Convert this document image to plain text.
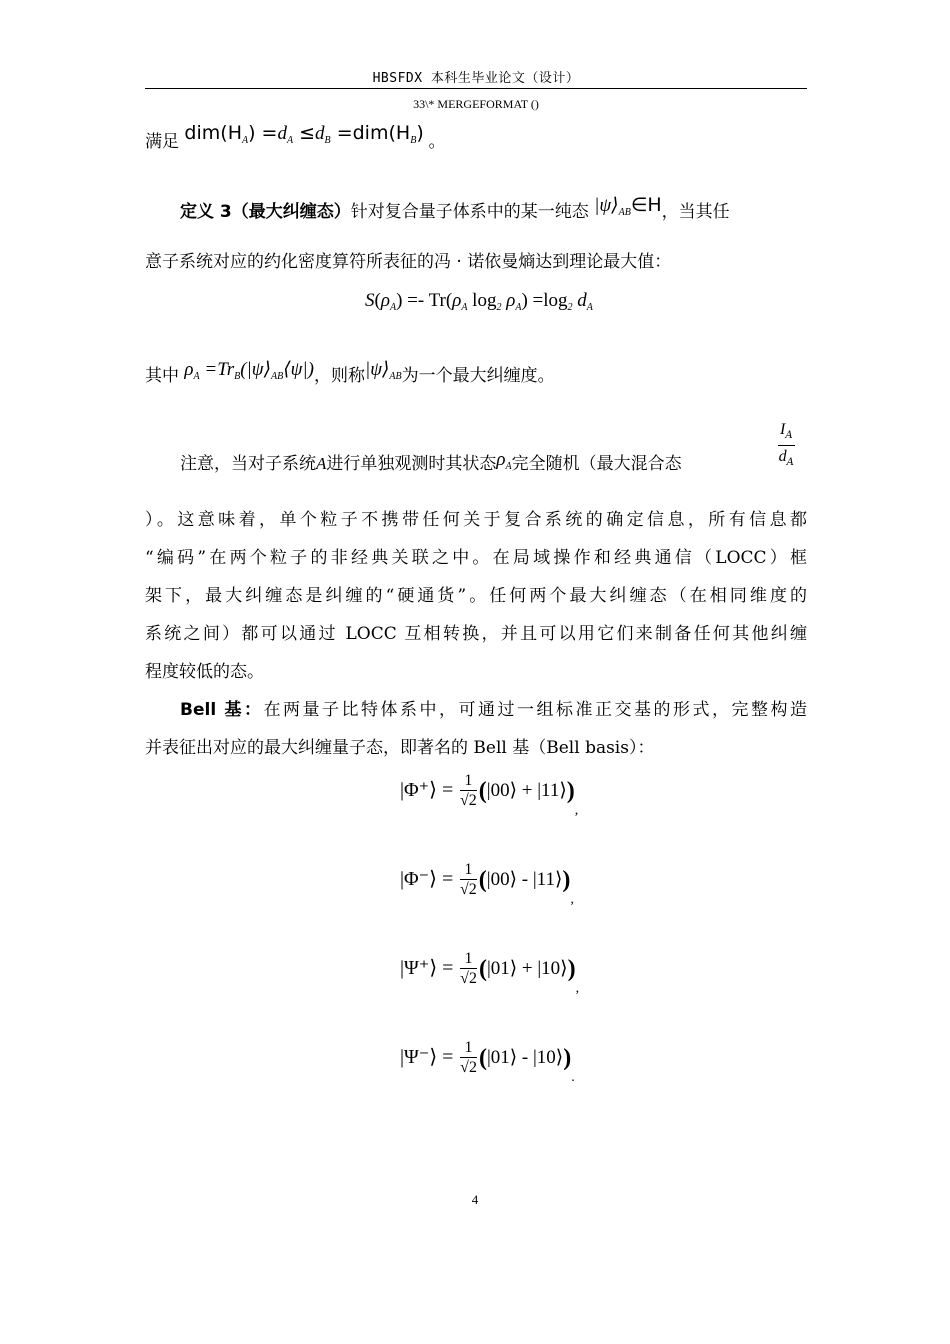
HBSFDX 本科生毕业论文（设计）
33\* MERGEFORMAT ()
满足 $dim(H_A) =d_A \le d_B =dim(H_B)$ 。
定义 3（最大纠缠态）针对复合量子体系中的某一纯态 $|\psi⟩_{AB}\in H$，当其任
意子系统对应的约化密度算符所表征的冯 · 诺依曼熵达到理论最大值：
$S(\rho_A) =- Tr(\rho_A$ $\log_2 \rho_A) =\log_2$ $d_A$
其中 $\rho_A$ $=Tr_B(|\psi⟩_{AB}⟨\psi|)$，则称$|\psi⟩_{AB}$为一个最大纠缠度。
注意，当对子系统A进行单独观测时其状态$\rho_A$完全随机（最大混合态	$\frac{I_A}{d_A}$
）。这意味着，单个粒子不携带任何关于复合系统的确定信息，所有信息都
“编码”在两个粒子的非经典关联之中。在局域操作和经典通信（LOCC）框
架下，最大纠缠态是纠缠的“硬通货”。任何两个最大纠缠态（在相同维度的
系统之间）都可以通过 LOCC 互相转换，并且可以用它们来制备任何其他纠缠
程度较低的态。
Bell 基：在两量子比特体系中，可通过一组标准正交基的形式，完整构造
并表征出对应的最大纠缠量子态，即著名的 Bell 基（Bell basis）：
|Φ⁺⟩ = $\frac{1}{√2}$ (|00⟩ + $|11⟩)_,$
|Φ⁻⟩ = $\frac{1}{√2}$ (|00⟩ - $|11⟩)_,$
|Ψ⁺⟩ = $\frac{1}{√2}$ (|01⟩ + $|10⟩)_,$
|Ψ⁻⟩ = $\frac{1}{√2}$ (|01⟩ - $|10⟩)_.$
4
